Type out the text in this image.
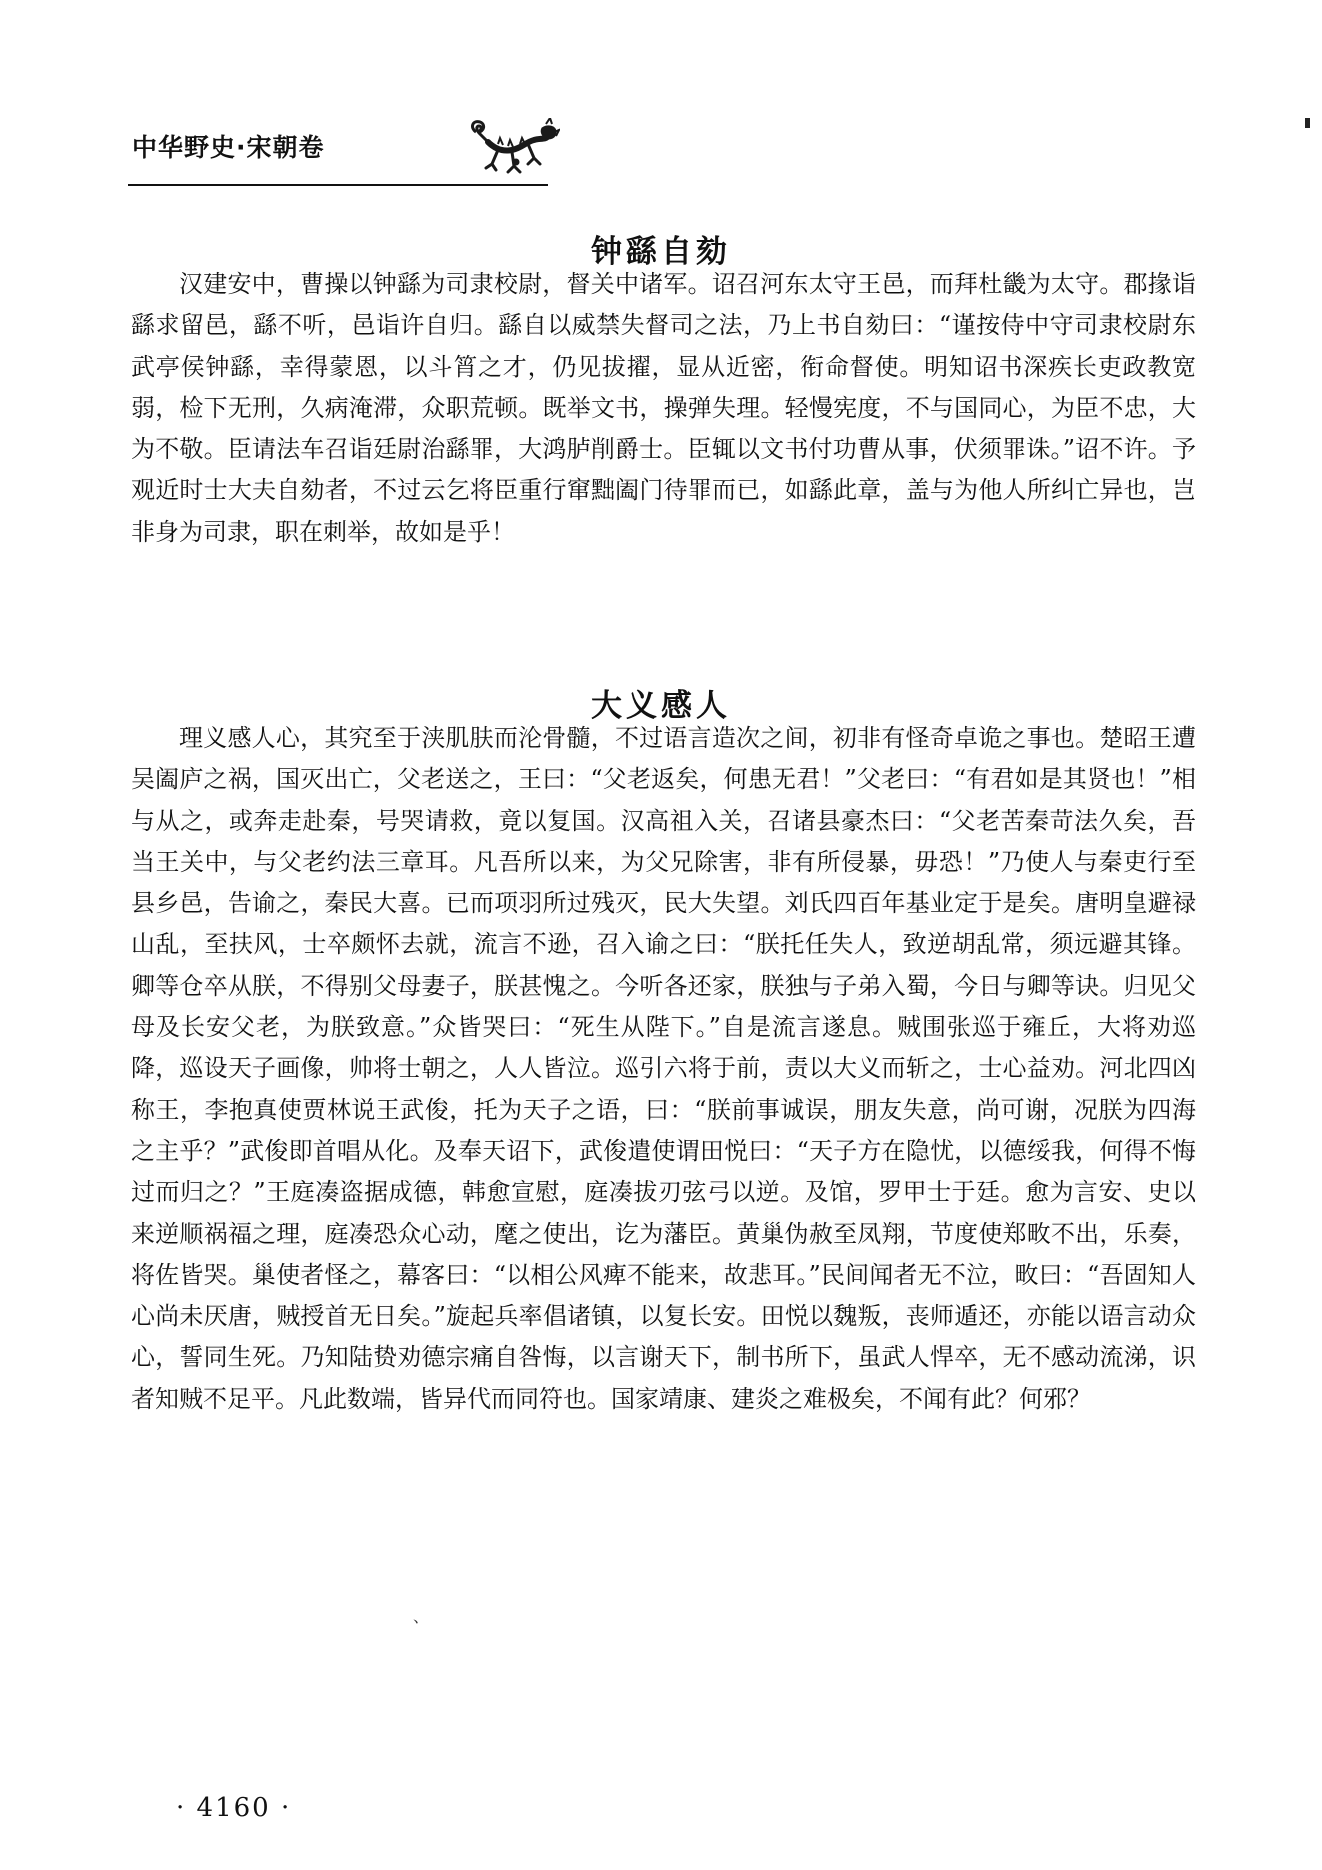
中华野史·宋朝卷
钟繇自劾

汉建安中，曹操以钟繇为司隶校尉，督关中诸军。诏召河东太守王邑，而拜杜畿为太守。郡掾诣繇求留邑，繇不听，邑诣许自归。繇自以威禁失督司之法，乃上书自劾曰：“谨按侍中守司隶校尉东武亭侯钟繇，幸得蒙恩，以斗筲之才，仍见拔擢，显从近密，衔命督使。明知诏书深疾长吏政教宽弱，检下无刑，久病淹滞，众职荒顿。既举文书，操弹失理。轻慢宪度，不与国同心，为臣不忠，大为不敬。臣请法车召诣廷尉治繇罪，大鸿胪削爵士。臣辄以文书付功曹从事，伏须罪诛。”诏不许。予观近时士大夫自劾者，不过云乞将臣重行窜黜阖门待罪而已，如繇此章，盖与为他人所纠亡异也，岂非身为司隶，职在刺举，故如是乎！

大义感人

理义感人心，其究至于浃肌肤而沦骨髓，不过语言造次之间，初非有怪奇卓诡之事也。楚昭王遭吴阖庐之祸，国灭出亡，父老送之，王曰：“父老返矣，何患无君！”父老曰：“有君如是其贤也！”相与从之，或奔走赴秦，号哭请救，竟以复国。汉高祖入关，召诸县豪杰曰：“父老苦秦苛法久矣，吾当王关中，与父老约法三章耳。凡吾所以来，为父兄除害，非有所侵暴，毋恐！”乃使人与秦吏行至县乡邑，告谕之，秦民大喜。已而项羽所过残灭，民大失望。刘氏四百年基业定于是矣。唐明皇避禄山乱，至扶风，士卒颇怀去就，流言不逊，召入谕之曰：“朕托任失人，致逆胡乱常，须远避其锋。卿等仓卒从朕，不得别父母妻子，朕甚愧之。今听各还家，朕独与子弟入蜀，今日与卿等诀。归见父母及长安父老，为朕致意。”众皆哭曰：“死生从陛下。”自是流言遂息。贼围张巡于雍丘，大将劝巡降，巡设天子画像，帅将士朝之，人人皆泣。巡引六将于前，责以大义而斩之，士心益劝。河北四凶称王，李抱真使贾林说王武俊，托为天子之语，曰：“朕前事诚误，朋友失意，尚可谢，况朕为四海之主乎？”武俊即首唱从化。及奉天诏下，武俊遣使谓田悦曰：“天子方在隐忧，以德绥我，何得不悔过而归之？”王庭凑盗据成德，韩愈宣慰，庭凑拔刃弦弓以逆。及馆，罗甲士于廷。愈为言安、史以来逆顺祸福之理，庭凑恐众心动，麾之使出，讫为藩臣。黄巢伪赦至凤翔，节度使郑畋不出，乐奏，将佐皆哭。巢使者怪之，幕客曰：“以相公风痺不能来，故悲耳。”民间闻者无不泣，畋曰：“吾固知人心尚未厌唐，贼授首无日矣。”旋起兵率倡诸镇，以复长安。田悦以魏叛，丧师遁还，亦能以语言动众心，誓同生死。乃知陆贽劝德宗痛自咎悔，以言谢天下，制书所下，虽武人悍卒，无不感动流涕，识者知贼不足平。凡此数端，皆异代而同符也。国家靖康、建炎之难极矣，不闻有此？何邪？

、
· 4160 ·
